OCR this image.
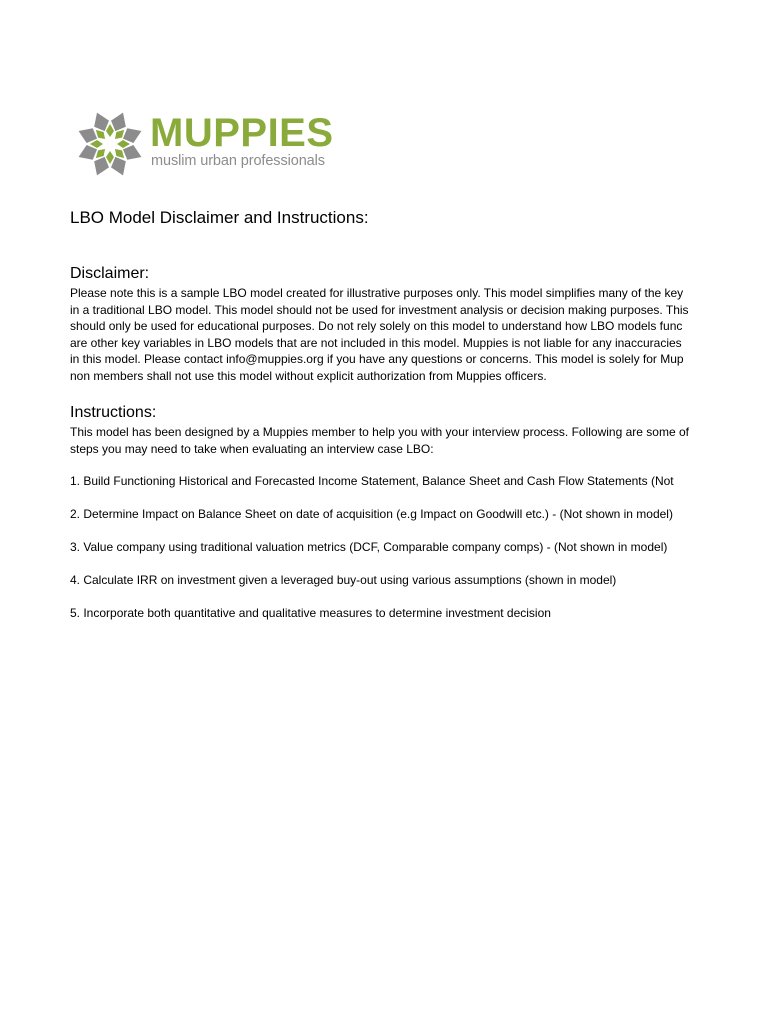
MUPPIES
muslim urban professionals
LBO Model Disclaimer and Instructions:
Disclaimer:

Please note this is a sample LBO model created for illustrative purposes only. This model simplifies many of the key

in a traditional LBO model. This model should not be used for investment analysis or decision making purposes. This

should only be used for educational purposes. Do not rely solely on this model to understand how LBO models func

are other key variables in LBO models that are not included in this model. Muppies is not liable for any inaccuracies

in this model. Please contact info@muppies.org if you have any questions or concerns. This model is solely for Mup

non members shall not use this model without explicit authorization from Muppies officers.

Instructions:

This model has been designed by a Muppies member to help you with your interview process. Following are some of

steps you may need to take when evaluating an interview case LBO:

1. Build Functioning Historical and Forecasted Income Statement, Balance Sheet and Cash Flow Statements (Not
2. Determine Impact on Balance Sheet on date of acquisition (e.g Impact on Goodwill etc.) - (Not shown in model)
3. Value company using traditional valuation metrics (DCF, Comparable company comps) - (Not shown in model)
4. Calculate IRR on investment given a leveraged buy-out using various assumptions (shown in model)
5. Incorporate both quantitative and qualitative measures to determine investment decision
